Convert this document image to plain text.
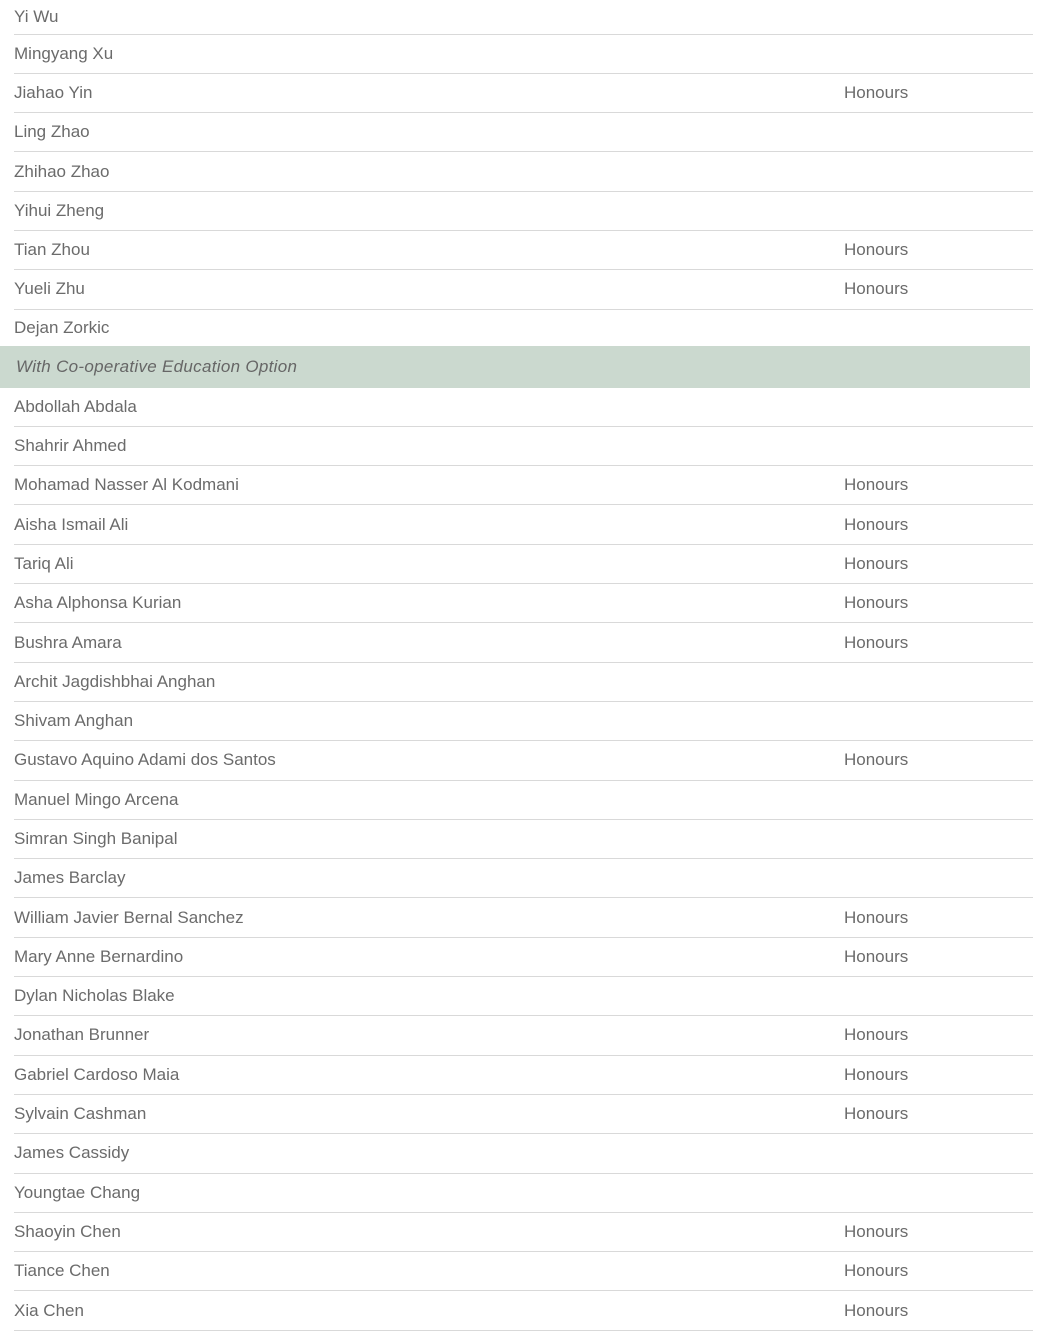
Yi Wu
Mingyang Xu
Jiahao Yin	Honours
Ling Zhao
Zhihao Zhao
Yihui Zheng
Tian Zhou	Honours
Yueli Zhu	Honours
Dejan Zorkic
With Co-operative Education Option
Abdollah Abdala
Shahrir Ahmed
Mohamad Nasser Al Kodmani	Honours
Aisha Ismail Ali	Honours
Tariq Ali	Honours
Asha Alphonsa Kurian	Honours
Bushra Amara	Honours
Archit Jagdishbhai Anghan
Shivam Anghan
Gustavo Aquino Adami dos Santos	Honours
Manuel Mingo Arcena
Simran Singh Banipal
James Barclay
William Javier Bernal Sanchez	Honours
Mary Anne Bernardino	Honours
Dylan Nicholas Blake
Jonathan Brunner	Honours
Gabriel Cardoso Maia	Honours
Sylvain Cashman	Honours
James Cassidy
Youngtae Chang
Shaoyin Chen	Honours
Tiance Chen	Honours
Xia Chen	Honours
